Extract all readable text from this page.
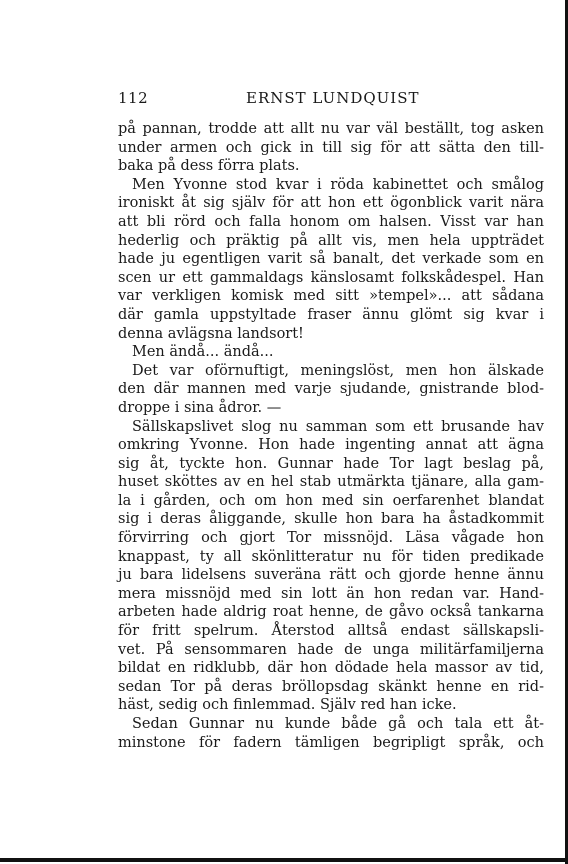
112	ERNST LUNDQUIST
på pannan, trodde att allt nu var väl beställt, tog asken
under armen och gick in till sig för att sätta den till-
baka på dess förra plats.
Men Yvonne stod kvar i röda kabinettet och smålog
ironiskt åt sig själv för att hon ett ögonblick varit nära
att bli rörd och falla honom om halsen. Visst var han
hederlig och präktig på allt vis, men hela uppträdet
hade ju egentligen varit så banalt, det verkade som en
scen ur ett gammaldags känslosamt folkskådespel. Han
var verkligen komisk med sitt »tempel»... att sådana
där gamla uppstyltade fraser ännu glömt sig kvar i
denna avlägsna landsort!
Men ändå... ändå...
Det var oförnuftigt, meningslöst, men hon älskade
den där mannen med varje sjudande, gnistrande blod-
droppe i sina ådror. —
Sällskapslivet slog nu samman som ett brusande hav
omkring Yvonne. Hon hade ingenting annat att ägna
sig åt, tyckte hon. Gunnar hade Tor lagt beslag på,
huset sköttes av en hel stab utmärkta tjänare, alla gam-
la i gården, och om hon med sin oerfarenhet blandat
sig i deras åliggande, skulle hon bara ha åstadkommit
förvirring och gjort Tor missnöjd. Läsa vågade hon
knappast, ty all skönlitteratur nu för tiden predikade
ju bara lidelsens suveräna rätt och gjorde henne ännu
mera missnöjd med sin lott än hon redan var. Hand-
arbeten hade aldrig roat henne, de gåvo också tankarna
för fritt spelrum. Återstod alltså endast sällskapsli-
vet. På sensommaren hade de unga militärfamiljerna
bildat en ridklubb, där hon dödade hela massor av tid,
sedan Tor på deras bröllopsdag skänkt henne en rid-
häst, sedig och finlemmad. Själv red han icke.
Sedan Gunnar nu kunde både gå och tala ett åt-
minstone för fadern tämligen begripligt språk, och
